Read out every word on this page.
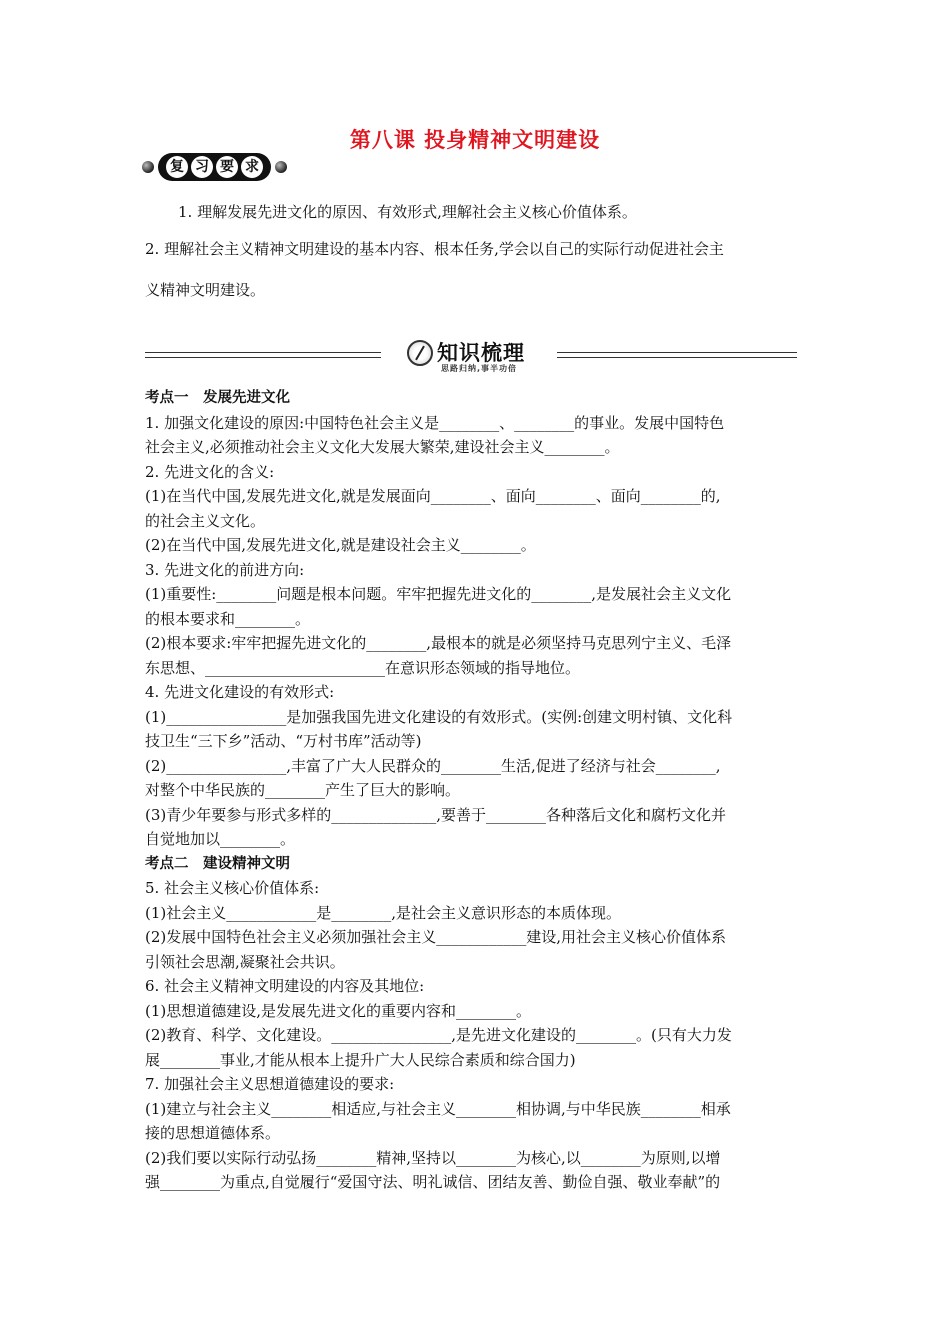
第八课 投身精神文明建设
复 习 要 求
1. 理解发展先进文化的原因、有效形式,理解社会主义核心价值体系。
2. 理解社会主义精神文明建设的基本内容、根本任务,学会以自己的实际行动促进社会主
义精神文明建设。
知识梳理
思路归纳,事半功倍

考点一　发展先进文化

1. 加强文化建设的原因:中国特色社会主义是________、________的事业。发展中国特色

社会主义,必须推动社会主义文化大发展大繁荣,建设社会主义________。

2. 先进文化的含义:

(1)在当代中国,发展先进文化,就是发展面向________、面向________、面向________的,

的社会主义文化。

(2)在当代中国,发展先进文化,就是建设社会主义________。

3. 先进文化的前进方向:

(1)重要性:________问题是根本问题。牢牢把握先进文化的________,是发展社会主义文化

的根本要求和________。

(2)根本要求:牢牢把握先进文化的________,最根本的就是必须坚持马克思列宁主义、毛泽

东思想、________________________在意识形态领域的指导地位。

4. 先进文化建设的有效形式:

(1)________________是加强我国先进文化建设的有效形式。(实例:创建文明村镇、文化科

技卫生“三下乡”活动、“万村书库”活动等)

(2)________________,丰富了广大人民群众的________生活,促进了经济与社会________,

对整个中华民族的________产生了巨大的影响。

(3)青少年要参与形式多样的______________,要善于________各种落后文化和腐朽文化并

自觉地加以________。

考点二　建设精神文明

5. 社会主义核心价值体系:

(1)社会主义____________是________,是社会主义意识形态的本质体现。

(2)发展中国特色社会主义必须加强社会主义____________建设,用社会主义核心价值体系

引领社会思潮,凝聚社会共识。

6. 社会主义精神文明建设的内容及其地位:

(1)思想道德建设,是发展先进文化的重要内容和________。

(2)教育、科学、文化建设。________________,是先进文化建设的________。(只有大力发

展________事业,才能从根本上提升广大人民综合素质和综合国力)

7. 加强社会主义思想道德建设的要求:

(1)建立与社会主义________相适应,与社会主义________相协调,与中华民族________相承

接的思想道德体系。

(2)我们要以实际行动弘扬________精神,坚持以________为核心,以________为原则,以增

强________为重点,自觉履行“爱国守法、明礼诚信、团结友善、勤俭自强、敬业奉献”的
